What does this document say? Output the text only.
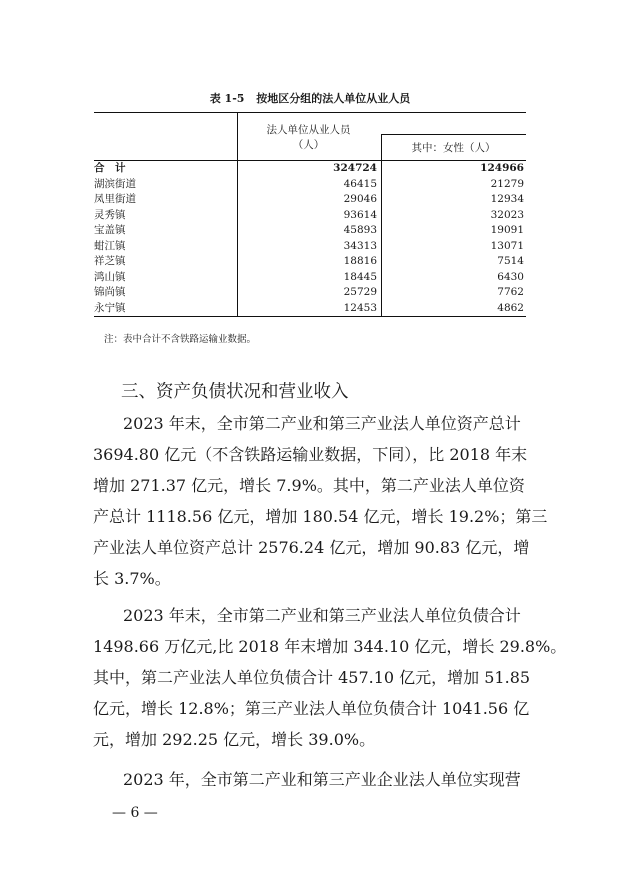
表 1-5 按地区分组的法人单位从业人员
法人单位从业人员
（人）	其中：女性（人）
合　计	324724	124966
湖滨街道	46415	21279
凤里街道	29046	12934
灵秀镇	93614	32023
宝盖镇	45893	19091
蚶江镇	34313	13071
祥芝镇	18816	7514
鸿山镇	18445	6430
锦尚镇	25729	7762
永宁镇	12453	4862
注：表中合计不含铁路运输业数据。
三、资产负债状况和营业收入
2023 年末，全市第二产业和第三产业法人单位资产总计
3694.80 亿元（不含铁路运输业数据，下同），比 2018 年末
增加 271.37 亿元，增长 7.9%。其中，第二产业法人单位资
产总计 1118.56 亿元，增加 180.54 亿元，增长 19.2%；第三
产业法人单位资产总计 2576.24 亿元，增加 90.83 亿元，增
长 3.7%。
2023 年末，全市第二产业和第三产业法人单位负债合计
1498.66 万亿元,比 2018 年末增加 344.10 亿元，增长 29.8%。
其中，第二产业法人单位负债合计 457.10 亿元，增加 51.85
亿元，增长 12.8%；第三产业法人单位负债合计 1041.56 亿
元，增加 292.25 亿元，增长 39.0%。
2023 年，全市第二产业和第三产业企业法人单位实现营
— 6 —
